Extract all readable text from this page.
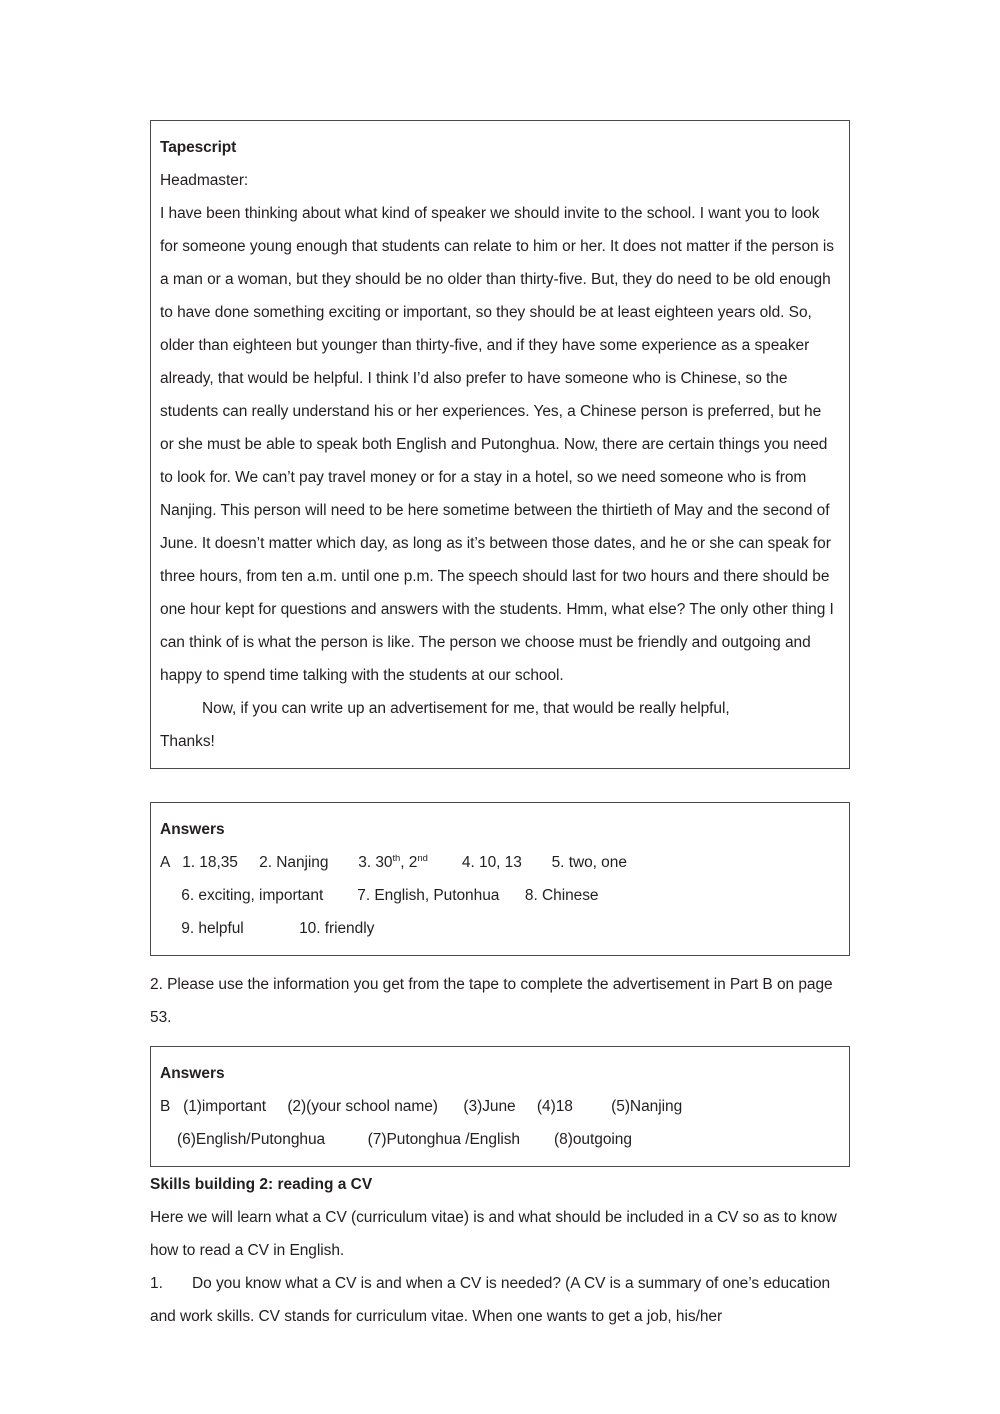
Tapescript
Headmaster:
I have been thinking about what kind of speaker we should invite to the school. I want you to look for someone young enough that students can relate to him or her. It does not matter if the person is a man or a woman, but they should be no older than thirty-five. But, they do need to be old enough to have done something exciting or important, so they should be at least eighteen years old. So, older than eighteen but younger than thirty-five, and if they have some experience as a speaker already, that would be helpful. I think I’d also prefer to have someone who is Chinese, so the students can really understand his or her experiences. Yes, a Chinese person is preferred, but he or she must be able to speak both English and Putonghua. Now, there are certain things you need to look for. We can’t pay travel money or for a stay in a hotel, so we need someone who is from Nanjing. This person will need to be here sometime between the thirtieth of May and the second of June. It doesn’t matter which day, as long as it’s between those dates, and he or she can speak for three hours, from ten a.m. until one p.m. The speech should last for two hours and there should be one hour kept for questions and answers with the students. Hmm, what else? The only other thing I can think of is what the person is like. The person we choose must be friendly and outgoing and happy to spend time talking with the students at our school.
Now, if you can write up an advertisement for me, that would be really helpful,
Thanks!
Answers
A 1. 18,35 2. Nanjing 3. 30th, 2nd 4. 10, 13 5. two, one
6. exciting, important 7. English, Putonhua 8. Chinese
9. helpful	10. friendly
2. Please use the information you get from the tape to complete the advertisement in Part B on page 53.
Answers
B (1)important     (2)(your school name)      (3)June     (4)18         (5)Nanjing
(6)English/Putonghua          (7)Putonghua /English        (8)outgoing
Skills building 2: reading a CV
Here we will learn what a CV (curriculum vitae) is and what should be included in a CV so as to know how to read a CV in English.
1. Do you know what a CV is and when a CV is needed? (A CV is a summary of one’s education and work skills. CV stands for curriculum vitae. When one wants to get a job, his/her
